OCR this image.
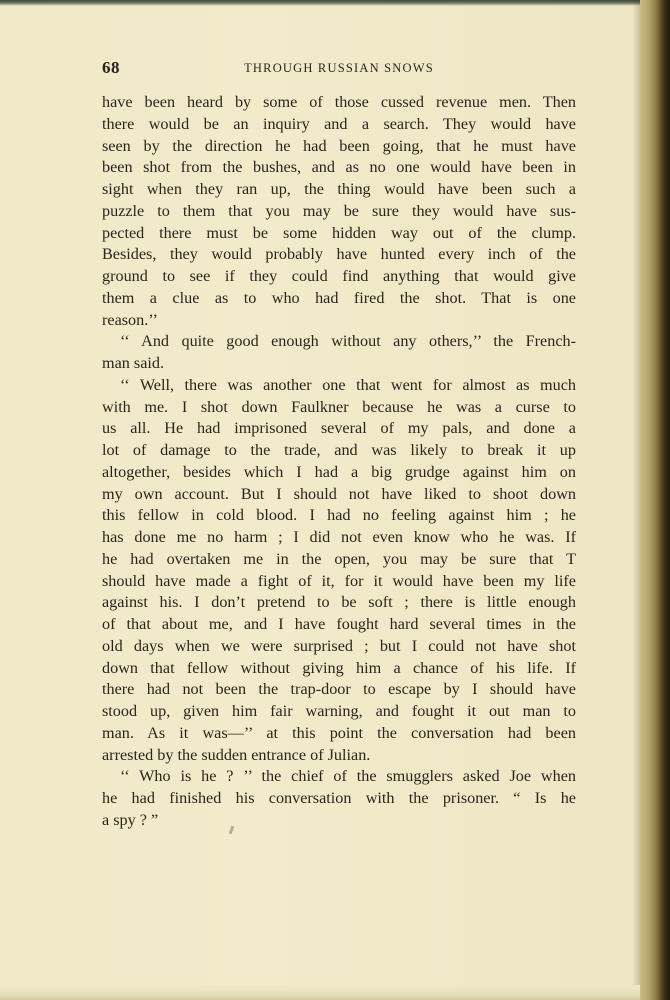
68	THROUGH RUSSIAN SNOWS
have been heard by some of those cussed revenue men. Then
there would be an inquiry and a search. They would have
seen by the direction he had been going, that he must have
been shot from the bushes, and as no one would have been in
sight when they ran up, the thing would have been such a
puzzle to them that you may be sure they would have sus-
pected there must be some hidden way out of the clump.
Besides, they would probably have hunted every inch of the
ground to see if they could find anything that would give
them a clue as to who had fired the shot. That is one
reason.’’
‘‘ And quite good enough without any others,’’ the French-
man said.
‘‘ Well, there was another one that went for almost as much
with me. I shot down Faulkner because he was a curse to
us all. He had imprisoned several of my pals, and done a
lot of damage to the trade, and was likely to break it up
altogether, besides which I had a big grudge against him on
my own account. But I should not have liked to shoot down
this fellow in cold blood. I had no feeling against him ; he
has done me no harm ; I did not even know who he was. If
he had overtaken me in the open, you may be sure that T
should have made a fight of it, for it would have been my life
against his. I don’t pretend to be soft ; there is little enough
of that about me, and I have fought hard several times in the
old days when we were surprised ; but I could not have shot
down that fellow without giving him a chance of his life. If
there had not been the trap-door to escape by I should have
stood up, given him fair warning, and fought it out man to
man. As it was—’’ at this point the conversation had been
arrested by the sudden entrance of Julian.
‘‘ Who is he ? ’’ the chief of the smugglers asked Joe when
he had finished his conversation with the prisoner. “ Is he
a spy ? ”
